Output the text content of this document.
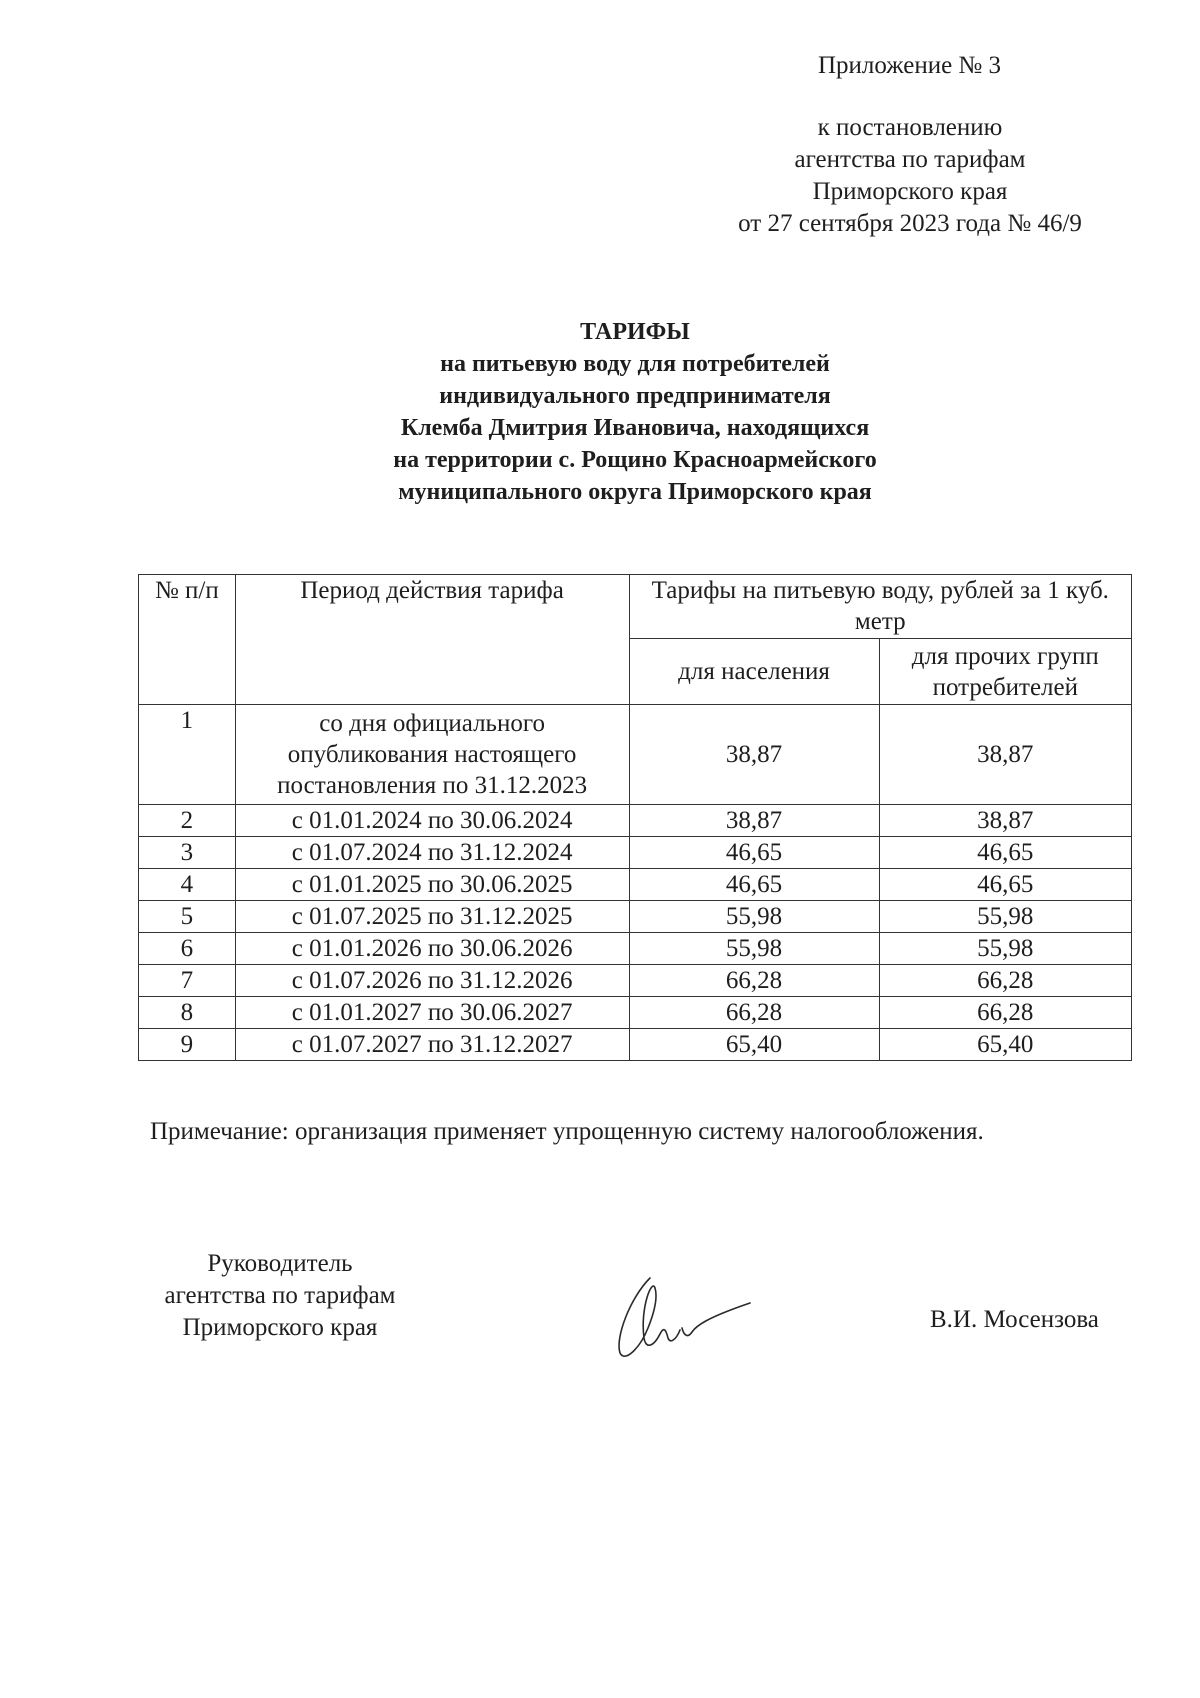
Приложение № 3
к постановлению
агентства по тарифам
Приморского края
от 27 сентября 2023 года № 46/9
ТАРИФЫ
на питьевую воду для потребителей
индивидуального предпринимателя
Клемба Дмитрия Ивановича, находящихся
на территории с. Рощино Красноармейского
муниципального округа Приморского края
№ п/п	Период действия тарифа	Тарифы на питьевую воду, рублей за 1 куб. метр	
		для населения	для прочих групп потребителей
1	со дня официального опубликования настоящего постановления по 31.12.2023	38,87	38,87
2	с 01.01.2024 по 30.06.2024	38,87	38,87
3	с 01.07.2024 по 31.12.2024	46,65	46,65
4	с 01.01.2025 по 30.06.2025	46,65	46,65
5	с 01.07.2025 по 31.12.2025	55,98	55,98
6	с 01.01.2026 по 30.06.2026	55,98	55,98
7	с 01.07.2026 по 31.12.2026	66,28	66,28
8	с 01.01.2027 по 30.06.2027	66,28	66,28
9	с 01.07.2027 по 31.12.2027	65,40	65,40
Примечание: организация применяет упрощенную систему налогообложения.
Руководитель
агентства по тарифам
Приморского края	В.И. Мосензова
